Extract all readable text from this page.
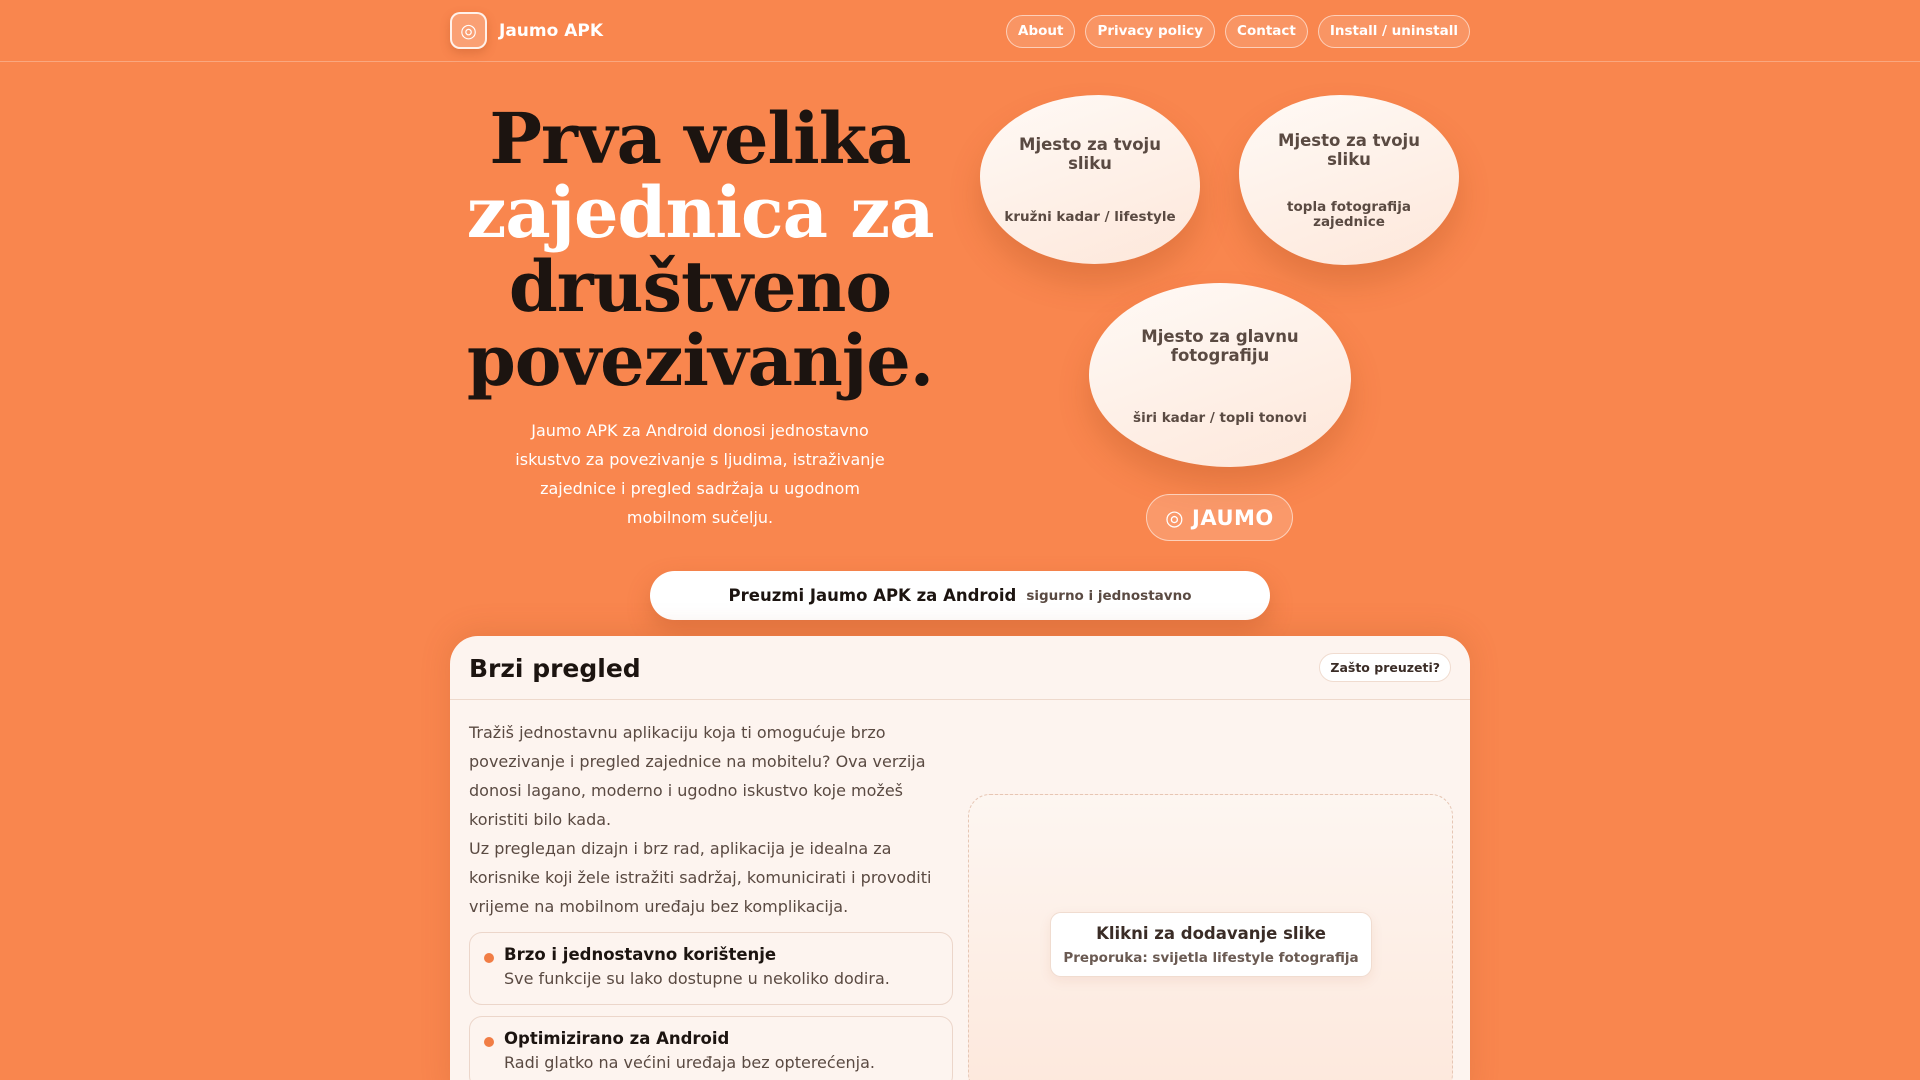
◎	Jaumo APK	About	Privacy policy	Contact	Install / uninstall
Prva velika
zajednica za
društveno
povezivanje.

Jaumo APK za Android donosi jednostavno iskustvo za povezivanje s ljudima, istraživanje zajednice i pregled sadržaja u ugodnom mobilnom sučelju.

Mjesto za tvoju sliku
kružni kadar / lifestyle
Mjesto za tvoju sliku
topla fotografija zajednice
Mjesto za glavnu fotografiju
širi kadar / topli tonovi
◎ JAUMO
Preuzmi Jaumo APK za Android sigurno i jednostavno
Brzi pregled	Zašto preuzeti?

Tražiš jednostavnu aplikaciju koja ti omogućuje brzo povezivanje i pregled zajednice na mobitelu? Ova verzija donosi lagano, moderno i ugodno iskustvo koje možeš koristiti bilo kada.

Uz preglедan dizajn i brz rad, aplikacija je idealna za korisnike koji žele istražiti sadržaj, komunicirati i provoditi vrijeme na mobilnom uređaju bez komplikacija.

Brzo i jednostavno korištenje
Sve funkcije su lako dostupne u nekoliko dodira.
Optimizirano za Android
Radi glatko na većini uređaja bez opterećenja.
Klikni za dodavanje slike
Preporuka: svijetla lifestyle fotografija
